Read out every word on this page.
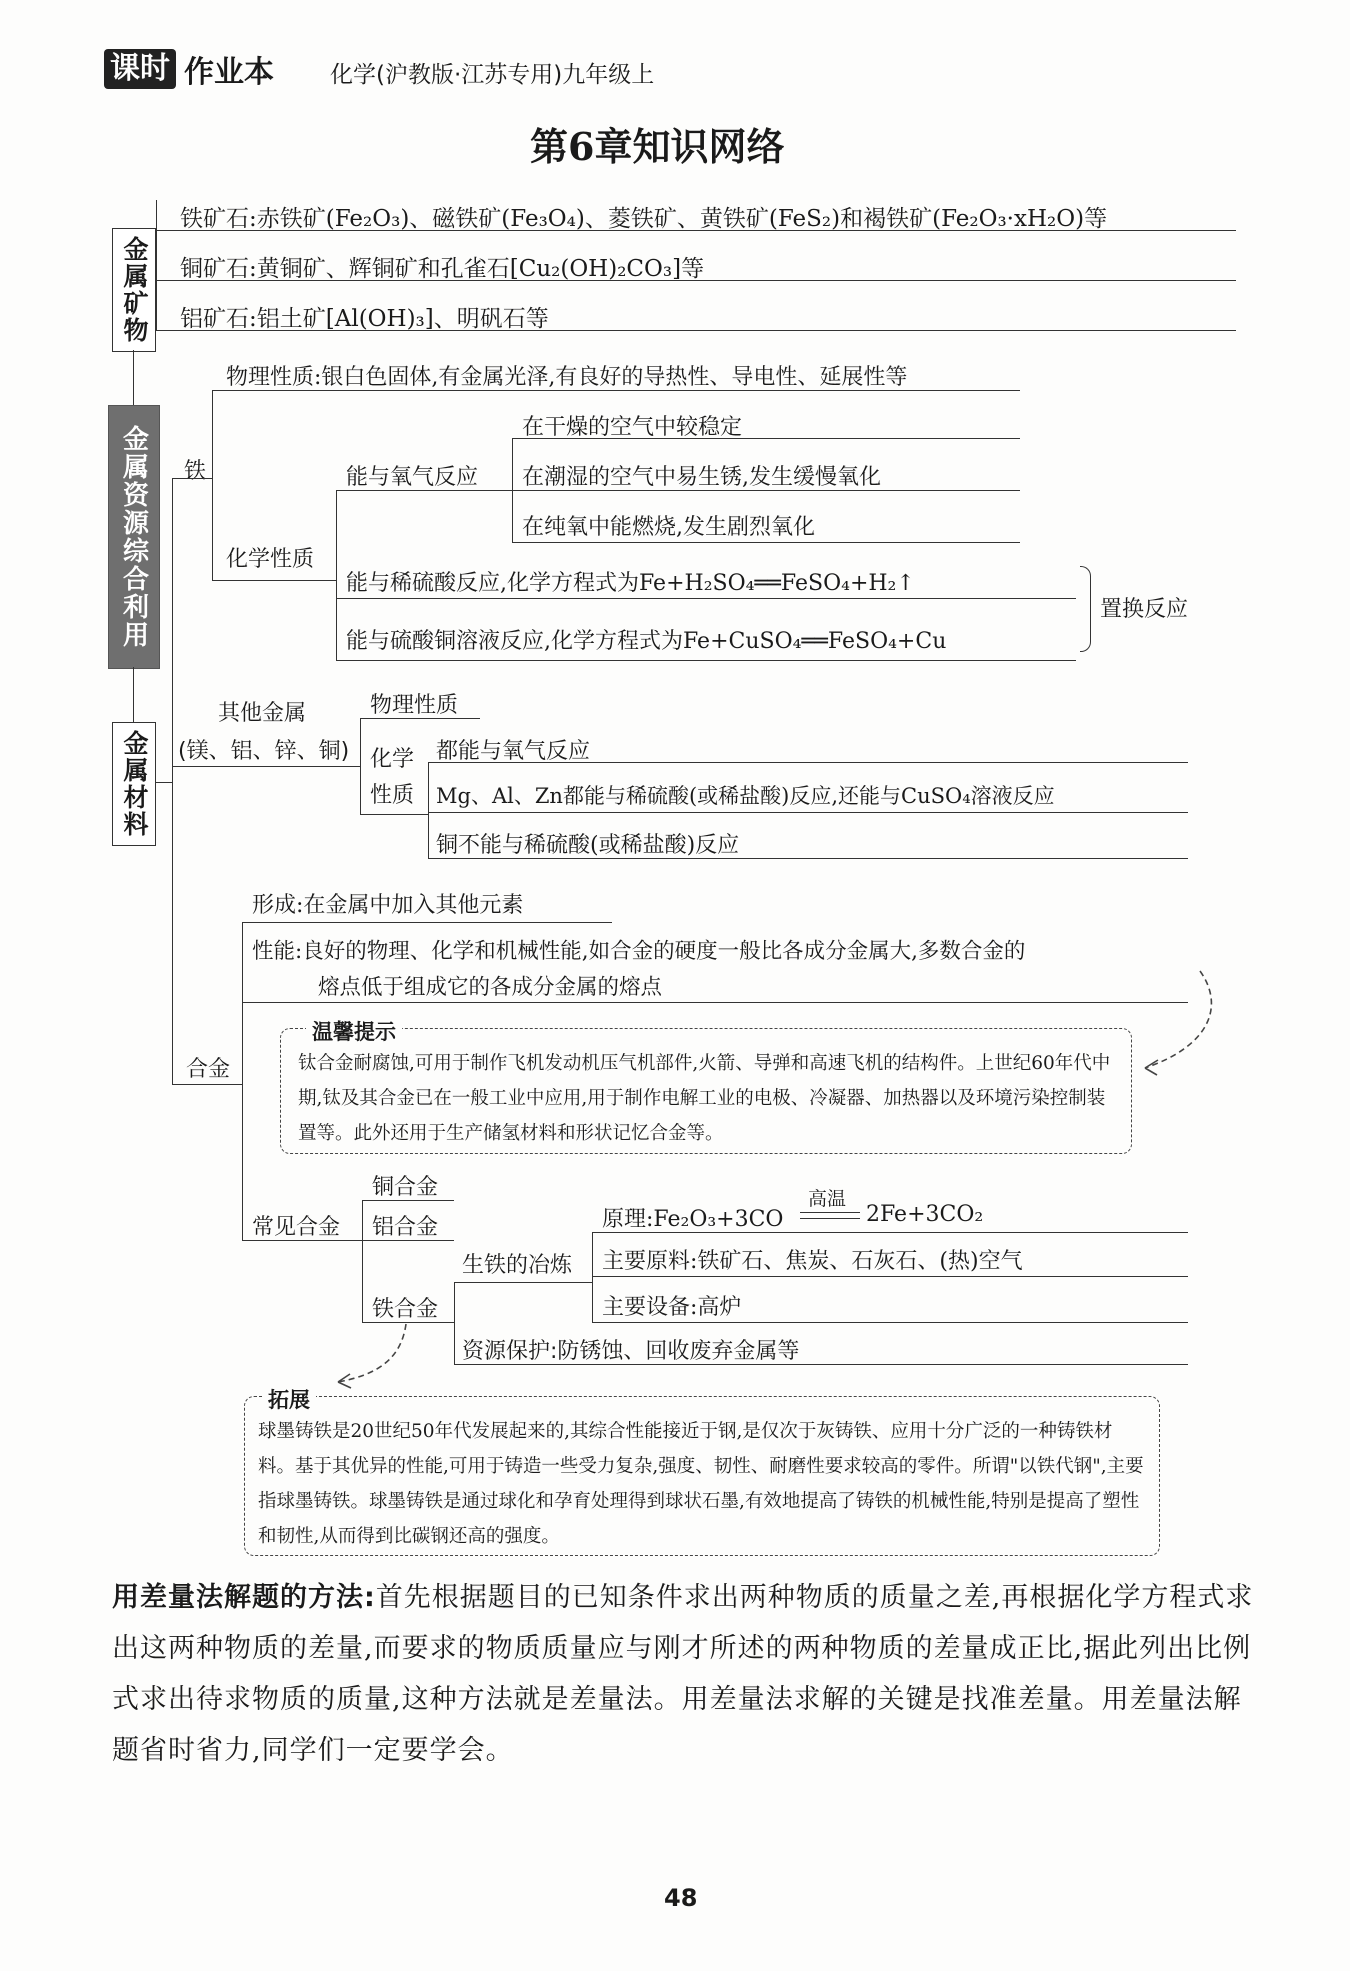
课时 作业本 化学(沪教版·江苏专用)九年级上
第6章知识网络
金属矿物
金属资源综合利用
金属材料
铁矿石:赤铁矿(Fe₂O₃)、磁铁矿(Fe₃O₄)、菱铁矿、黄铁矿(FeS₂)和褐铁矿(Fe₂O₃·xH₂O)等
铜矿石:黄铜矿、辉铜矿和孔雀石[Cu₂(OH)₂CO₃]等
铝矿石:铝土矿[Al(OH)₃]、明矾石等
铁
物理性质:银白色固体,有金属光泽,有良好的导热性、导电性、延展性等
化学性质
能与氧气反应
在干燥的空气中较稳定
在潮湿的空气中易生锈,发生缓慢氧化
在纯氧中能燃烧,发生剧烈氧化
能与稀硫酸反应,化学方程式为Fe+H₂SO₄══FeSO₄+H₂↑
能与硫酸铜溶液反应,化学方程式为Fe+CuSO₄══FeSO₄+Cu
置换反应
其他金属
(镁、铝、锌、铜)
物理性质
化学
性质
都能与氧气反应
Mg、Al、Zn都能与稀硫酸(或稀盐酸)反应,还能与CuSO₄溶液反应
铜不能与稀硫酸(或稀盐酸)反应
合金
形成:在金属中加入其他元素
性能:良好的物理、化学和机械性能,如合金的硬度一般比各成分金属大,多数合金的
熔点低于组成它的各成分金属的熔点
温馨提示
钛合金耐腐蚀,可用于制作飞机发动机压气机部件,火箭、导弹和高速飞机的结构件。上世纪60年代中期,钛及其合金已在一般工业中应用,用于制作电解工业的电极、冷凝器、加热器以及环境污染控制装置等。此外还用于生产储氢材料和形状记忆合金等。
常见合金
铜合金
铝合金
铁合金
生铁的冶炼
原理:Fe₂O₃+3CO
高温
2Fe+3CO₂
主要原料:铁矿石、焦炭、石灰石、(热)空气
主要设备:高炉
资源保护:防锈蚀、回收废弃金属等
拓展
球墨铸铁是20世纪50年代发展起来的,其综合性能接近于钢,是仅次于灰铸铁、应用十分广泛的一种铸铁材料。基于其优异的性能,可用于铸造一些受力复杂,强度、韧性、耐磨性要求较高的零件。所谓"以铁代钢",主要指球墨铸铁。球墨铸铁是通过球化和孕育处理得到球状石墨,有效地提高了铸铁的机械性能,特别是提高了塑性和韧性,从而得到比碳钢还高的强度。
用差量法解题的方法:首先根据题目的已知条件求出两种物质的质量之差,再根据化学方程式求出这两种物质的差量,而要求的物质质量应与刚才所述的两种物质的差量成正比,据此列出比例式求出待求物质的质量,这种方法就是差量法。用差量法求解的关键是找准差量。用差量法解题省时省力,同学们一定要学会。
48
